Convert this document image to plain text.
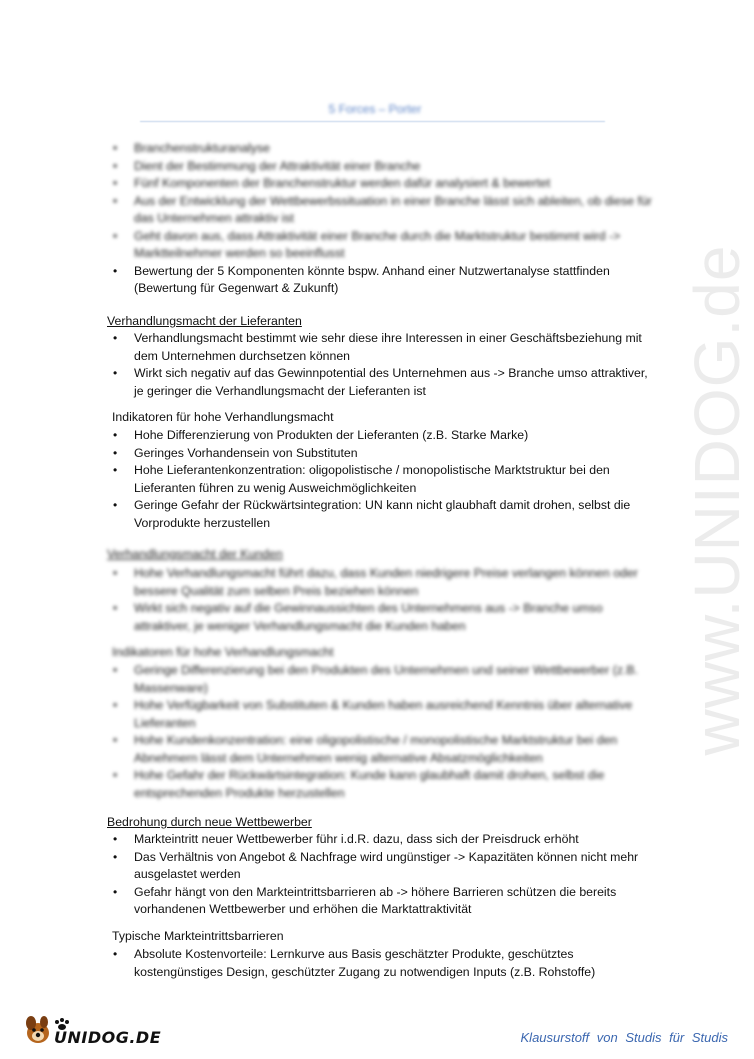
www.UNIDOG.de
5 Forces – Porter
• Branchenstrukturanalyse
• Dient der Bestimmung der Attraktivität einer Branche
• Fünf Komponenten der Branchenstruktur werden dafür analysiert & bewertet
• Aus der Entwicklung der Wettbewerbssituation in einer Branche lässt sich ableiten, ob diese für das Unternehmen attraktiv ist
• Geht davon aus, dass Attraktivität einer Branche durch die Marktstruktur bestimmt wird -> Marktteilnehmer werden so beeinflusst
• Bewertung der 5 Komponenten könnte bspw. Anhand einer Nutzwertanalyse stattfinden (Bewertung für Gegenwart & Zukunft)
Verhandlungsmacht der Lieferanten
• Verhandlungsmacht bestimmt wie sehr diese ihre Interessen in einer Geschäftsbeziehung mit dem Unternehmen durchsetzen können
• Wirkt sich negativ auf das Gewinnpotential des Unternehmen aus -> Branche umso attraktiver, je geringer die Verhandlungsmacht der Lieferanten ist
Indikatoren für hohe Verhandlungsmacht
• Hohe Differenzierung von Produkten der Lieferanten (z.B. Starke Marke)
• Geringes Vorhandensein von Substituten
• Hohe Lieferantenkonzentration: oligopolistische / monopolistische Marktstruktur bei den Lieferanten führen zu wenig Ausweichmöglichkeiten
• Geringe Gefahr der Rückwärtsintegration: UN kann nicht glaubhaft damit drohen, selbst die Vorprodukte herzustellen
Verhandlungsmacht der Kunden
• Hohe Verhandlungsmacht führt dazu, dass Kunden niedrigere Preise verlangen können oder bessere Qualität zum selben Preis beziehen können
• Wirkt sich negativ auf die Gewinnaussichten des Unternehmens aus -> Branche umso attraktiver, je weniger Verhandlungsmacht die Kunden haben
Indikatoren für hohe Verhandlungsmacht
• Geringe Differenzierung bei den Produkten des Unternehmen und seiner Wettbewerber (z.B. Massenware)
• Hohe Verfügbarkeit von Substituten & Kunden haben ausreichend Kenntnis über alternative Lieferanten
• Hohe Kundenkonzentration: eine oligopolistische / monopolistische Marktstruktur bei den Abnehmern lässt dem Unternehmen wenig alternative Absatzmöglichkeiten
• Hohe Gefahr der Rückwärtsintegration: Kunde kann glaubhaft damit drohen, selbst die entsprechenden Produkte herzustellen
Bedrohung durch neue Wettbewerber
• Markteintritt neuer Wettbewerber führ i.d.R. dazu, dass sich der Preisdruck erhöht
• Das Verhältnis von Angebot & Nachfrage wird ungünstiger -> Kapazitäten können nicht mehr ausgelastet werden
• Gefahr hängt von den Markteintrittsbarrieren ab -> höhere Barrieren schützen die bereits vorhandenen Wettbewerber und erhöhen die Marktattraktivität
Typische Markteintrittsbarrieren
• Absolute Kostenvorteile: Lernkurve aus Basis geschätzter Produkte, geschütztes kostengünstiges Design, geschützter Zugang zu notwendigen Inputs (z.B. Rohstoffe)
UNIDOG.DE	Klausurstoff von Studis für Studis
